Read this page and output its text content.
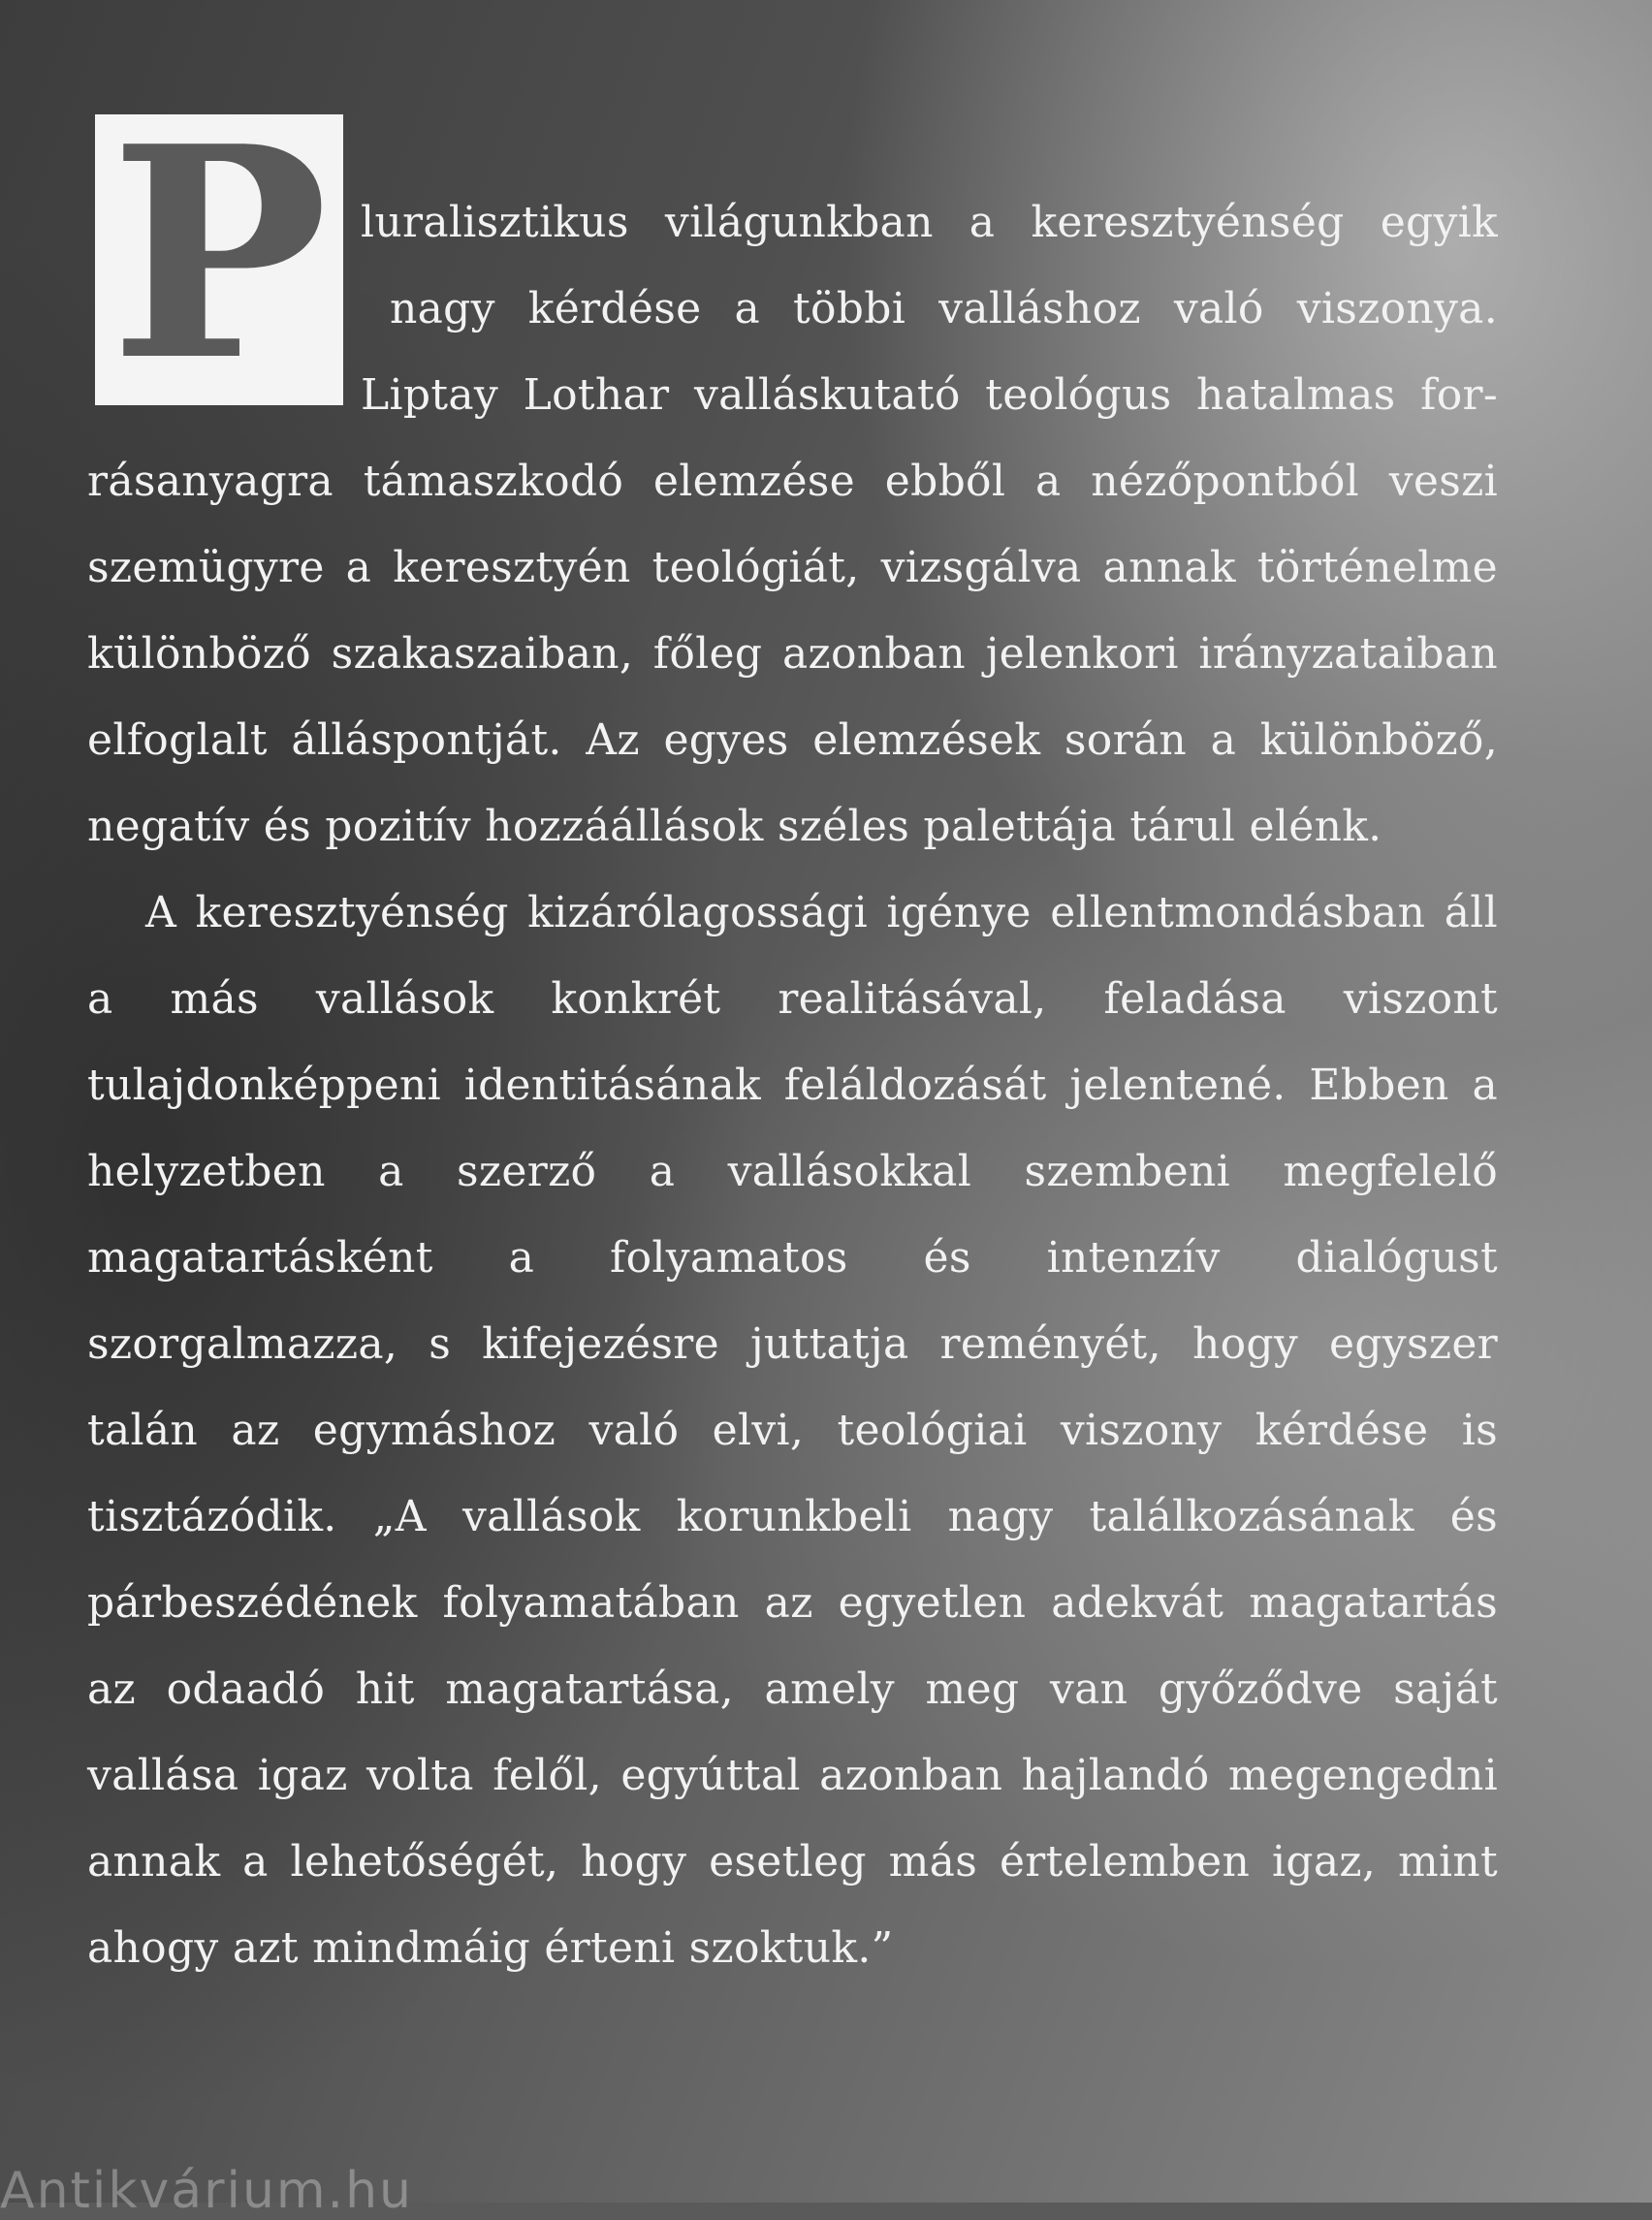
P luralisztikus világunkban a keresztyénség egyik
nagy kérdése a többi valláshoz való viszonya.
Liptay Lothar valláskutató teológus hatalmas for-

rásanyagra támaszkodó elemzése ebből a nézőpontból veszi szemügyre a keresztyén teológiát, vizsgálva annak történelme különböző szakaszaiban, főleg azonban jelenkori irányzataiban elfoglalt álláspontját. Az egyes elemzések során a különböző, negatív és pozitív hozzáállások széles palettája tárul elénk.

A keresztyénség kizárólagossági igénye ellentmondásban áll a más vallások konkrét realitásával, feladása viszont tulajdonképpeni identitásának feláldozását jelentené. Ebben a helyzetben a szerző a vallásokkal szembeni megfelelő magatartásként a folyamatos és intenzív dialógust szorgalmazza, s kifejezésre juttatja reményét, hogy egyszer talán az egymáshoz való elvi, teológiai viszony kérdése is tisztázódik. „A vallások korunkbeli nagy találkozásának és párbeszédének folyamatában az egyetlen adekvát magatartás az odaadó hit magatartása, amely meg van győződve saját vallása igaz volta felől, egyúttal azonban hajlandó megengedni annak a lehetőségét, hogy esetleg más értelemben igaz, mint ahogy azt mindmáig érteni szoktuk.”

Antikvárium.hu
